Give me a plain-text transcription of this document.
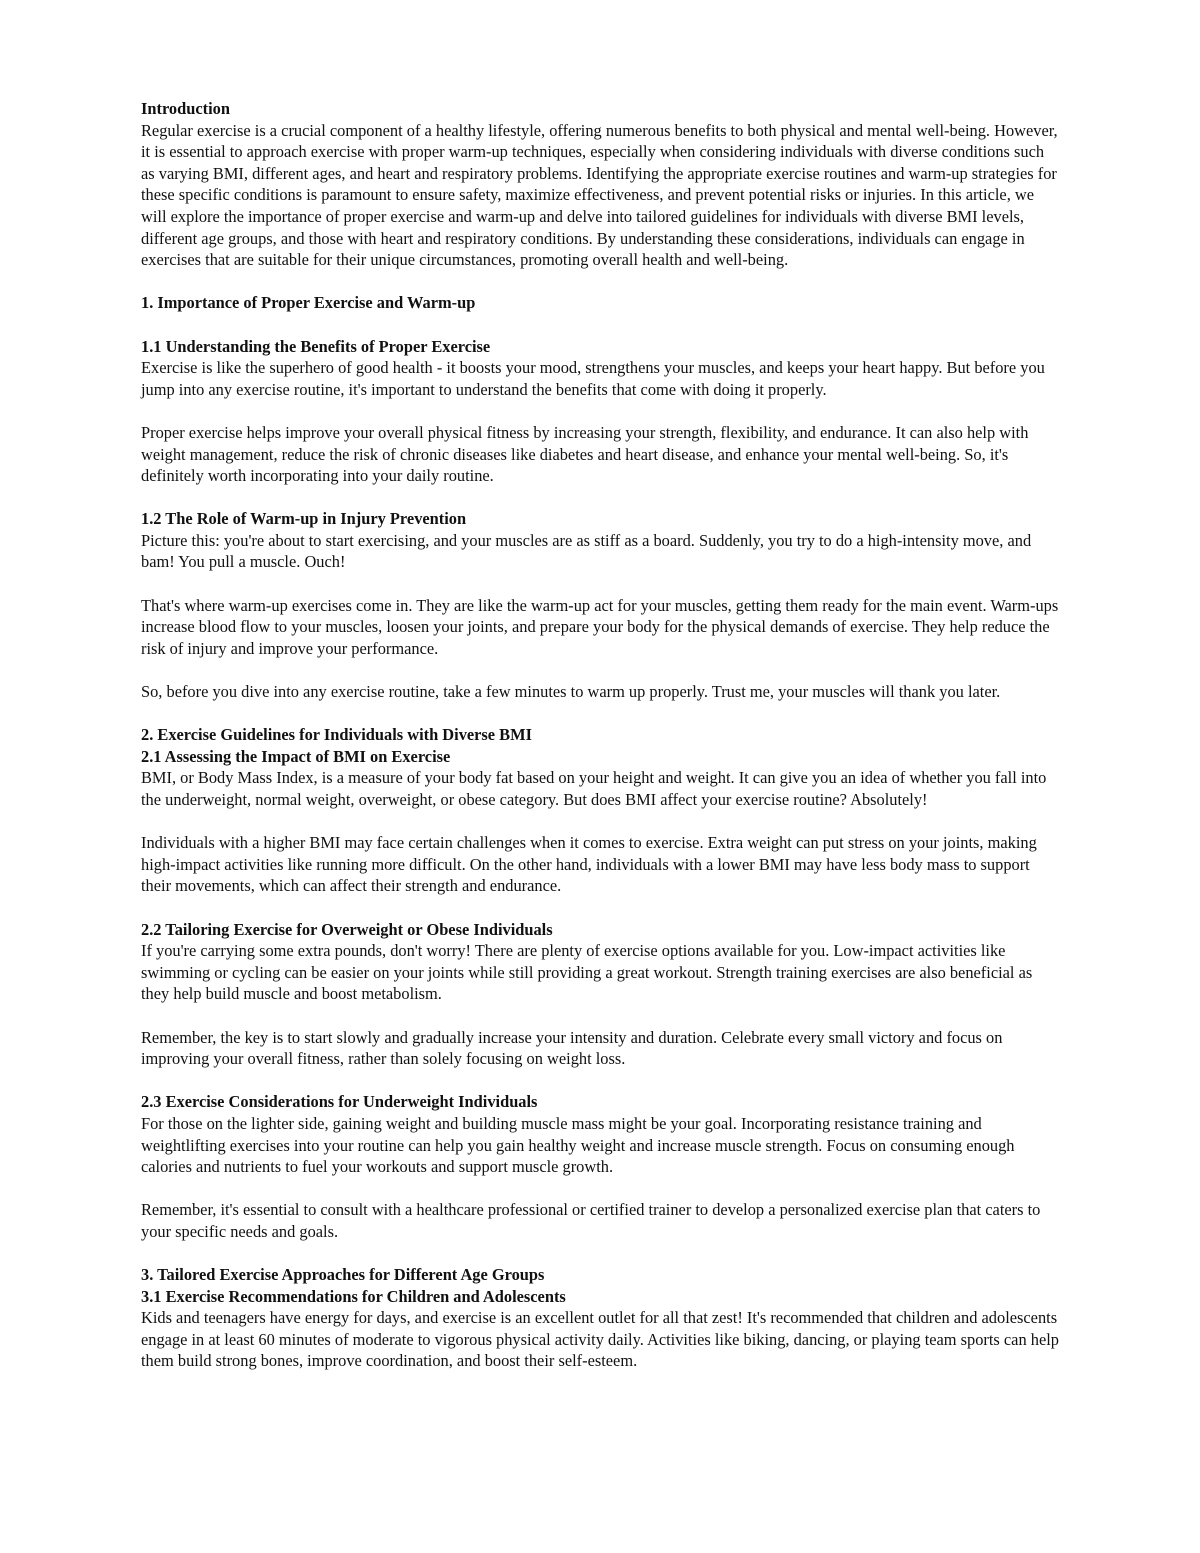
Introduction

Regular exercise is a crucial component of a healthy lifestyle, offering numerous benefits to both physical and mental well-being. However, it is essential to approach exercise with proper warm-up techniques, especially when considering individuals with diverse conditions such as varying BMI, different ages, and heart and respiratory problems. Identifying the appropriate exercise routines and warm-up strategies for these specific conditions is paramount to ensure safety, maximize effectiveness, and prevent potential risks or injuries. In this article, we will explore the importance of proper exercise and warm-up and delve into tailored guidelines for individuals with diverse BMI levels, different age groups, and those with heart and respiratory conditions. By understanding these considerations, individuals can engage in exercises that are suitable for their unique circumstances, promoting overall health and well-being.

1. Importance of Proper Exercise and Warm-up
1.1 Understanding the Benefits of Proper Exercise

Exercise is like the superhero of good health - it boosts your mood, strengthens your muscles, and keeps your heart happy. But before you jump into any exercise routine, it's important to understand the benefits that come with doing it properly.

Proper exercise helps improve your overall physical fitness by increasing your strength, flexibility, and endurance. It can also help with weight management, reduce the risk of chronic diseases like diabetes and heart disease, and enhance your mental well-being. So, it's definitely worth incorporating into your daily routine.

1.2 The Role of Warm-up in Injury Prevention

Picture this: you're about to start exercising, and your muscles are as stiff as a board. Suddenly, you try to do a high-intensity move, and bam! You pull a muscle. Ouch!

That's where warm-up exercises come in. They are like the warm-up act for your muscles, getting them ready for the main event. Warm-ups increase blood flow to your muscles, loosen your joints, and prepare your body for the physical demands of exercise. They help reduce the risk of injury and improve your performance.

So, before you dive into any exercise routine, take a few minutes to warm up properly. Trust me, your muscles will thank you later.

2. Exercise Guidelines for Individuals with Diverse BMI
2.1 Assessing the Impact of BMI on Exercise

BMI, or Body Mass Index, is a measure of your body fat based on your height and weight. It can give you an idea of whether you fall into the underweight, normal weight, overweight, or obese category. But does BMI affect your exercise routine? Absolutely!

Individuals with a higher BMI may face certain challenges when it comes to exercise. Extra weight can put stress on your joints, making high-impact activities like running more difficult. On the other hand, individuals with a lower BMI may have less body mass to support their movements, which can affect their strength and endurance.

2.2 Tailoring Exercise for Overweight or Obese Individuals

If you're carrying some extra pounds, don't worry! There are plenty of exercise options available for you. Low-impact activities like swimming or cycling can be easier on your joints while still providing a great workout. Strength training exercises are also beneficial as they help build muscle and boost metabolism.

Remember, the key is to start slowly and gradually increase your intensity and duration. Celebrate every small victory and focus on improving your overall fitness, rather than solely focusing on weight loss.

2.3 Exercise Considerations for Underweight Individuals

For those on the lighter side, gaining weight and building muscle mass might be your goal. Incorporating resistance training and weightlifting exercises into your routine can help you gain healthy weight and increase muscle strength. Focus on consuming enough calories and nutrients to fuel your workouts and support muscle growth.

Remember, it's essential to consult with a healthcare professional or certified trainer to develop a personalized exercise plan that caters to your specific needs and goals.

3. Tailored Exercise Approaches for Different Age Groups
3.1 Exercise Recommendations for Children and Adolescents

Kids and teenagers have energy for days, and exercise is an excellent outlet for all that zest! It's recommended that children and adolescents engage in at least 60 minutes of moderate to vigorous physical activity daily. Activities like biking, dancing, or playing team sports can help them build strong bones, improve coordination, and boost their self-esteem.
